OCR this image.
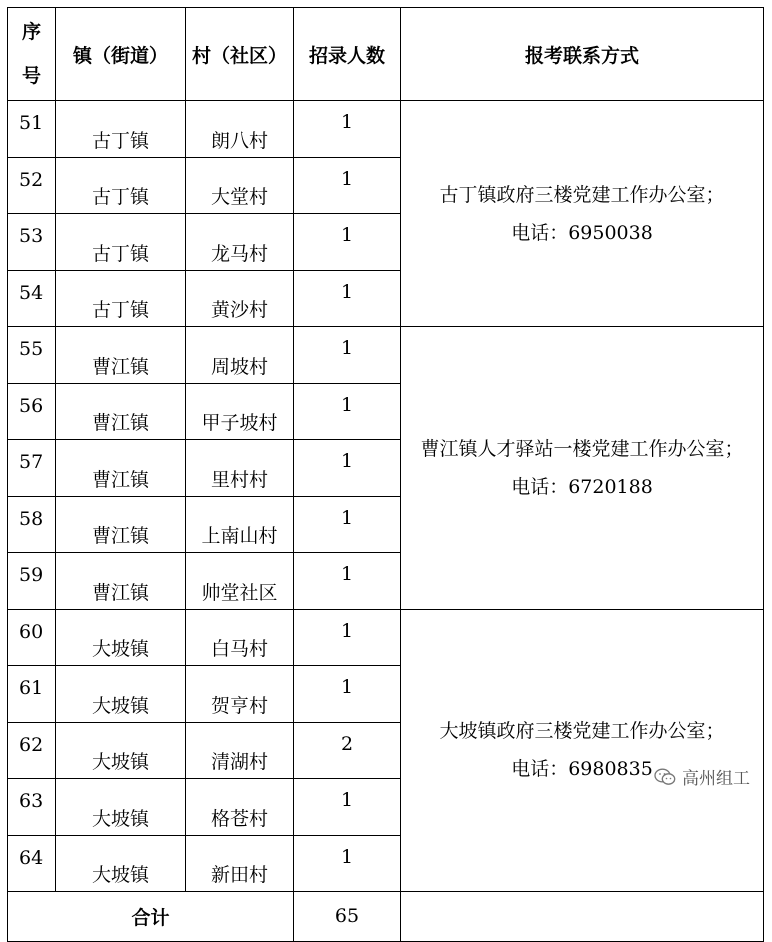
序
号	镇（街道）	村（社区）	招录人数	报考联系方式
51	古丁镇	朗八村	1	古丁镇政府三楼党建工作办公室；
电话：6950038
52	古丁镇	大堂村	1	
53	古丁镇	龙马村	1	
54	古丁镇	黄沙村	1	
55	曹江镇	周坡村	1	曹江镇人才驿站一楼党建工作办公室；
电话：6720188
56	曹江镇	甲子坡村	1	
57	曹江镇	里村村	1	
58	曹江镇	上南山村	1	
59	曹江镇	帅堂社区	1	
60	大坡镇	白马村	1	大坡镇政府三楼党建工作办公室；
电话：6980835
61	大坡镇	贺亨村	1	
62	大坡镇	清湖村	2	
63	大坡镇	格苍村	1	
64	大坡镇	新田村	1	
合计			65	
高州组工
